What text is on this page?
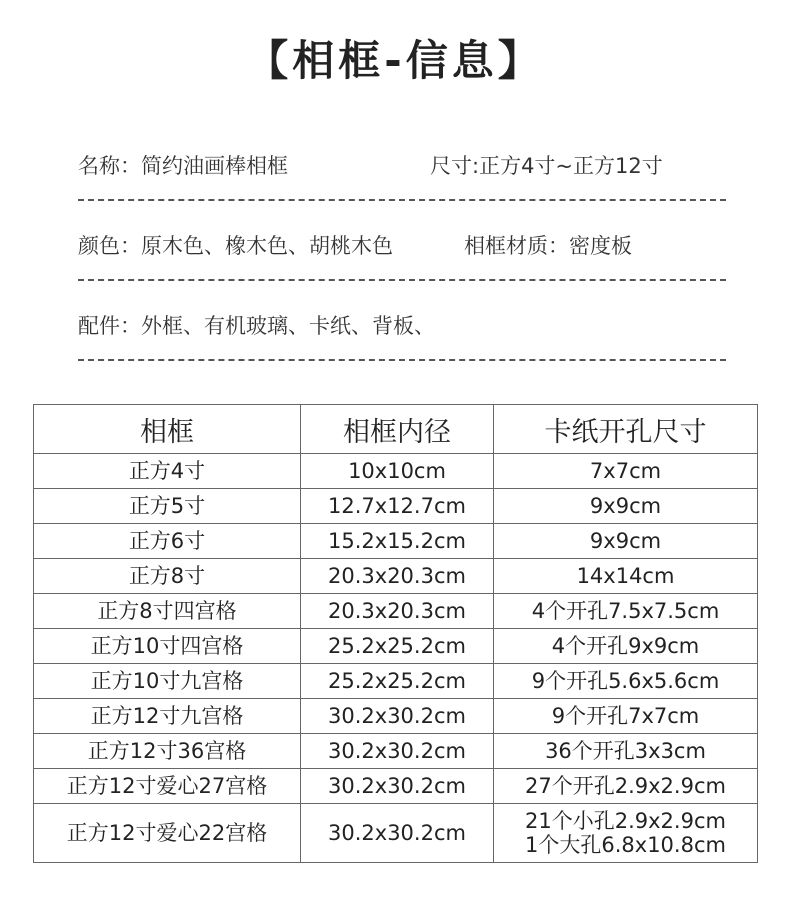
【相框-信息】
名称：简约油画棒相框	尺寸:正方4寸~正方12寸
颜色：原木色、橡木色、胡桃木色	相框材质：密度板
配件：外框、有机玻璃、卡纸、背板、
相框	相框内径	卡纸开孔尺寸
正方4寸	10x10cm	7x7cm
正方5寸	12.7x12.7cm	9x9cm
正方6寸	15.2x15.2cm	9x9cm
正方8寸	20.3x20.3cm	14x14cm
正方8寸四宫格	20.3x20.3cm	4个开孔7.5x7.5cm
正方10寸四宫格	25.2x25.2cm	4个开孔9x9cm
正方10寸九宫格	25.2x25.2cm	9个开孔5.6x5.6cm
正方12寸九宫格	30.2x30.2cm	9个开孔7x7cm
正方12寸36宫格	30.2x30.2cm	36个开孔3x3cm
正方12寸爱心27宫格	30.2x30.2cm	27个开孔2.9x2.9cm
正方12寸爱心22宫格	30.2x30.2cm	21个小孔2.9x2.9cm
1个大孔6.8x10.8cm
